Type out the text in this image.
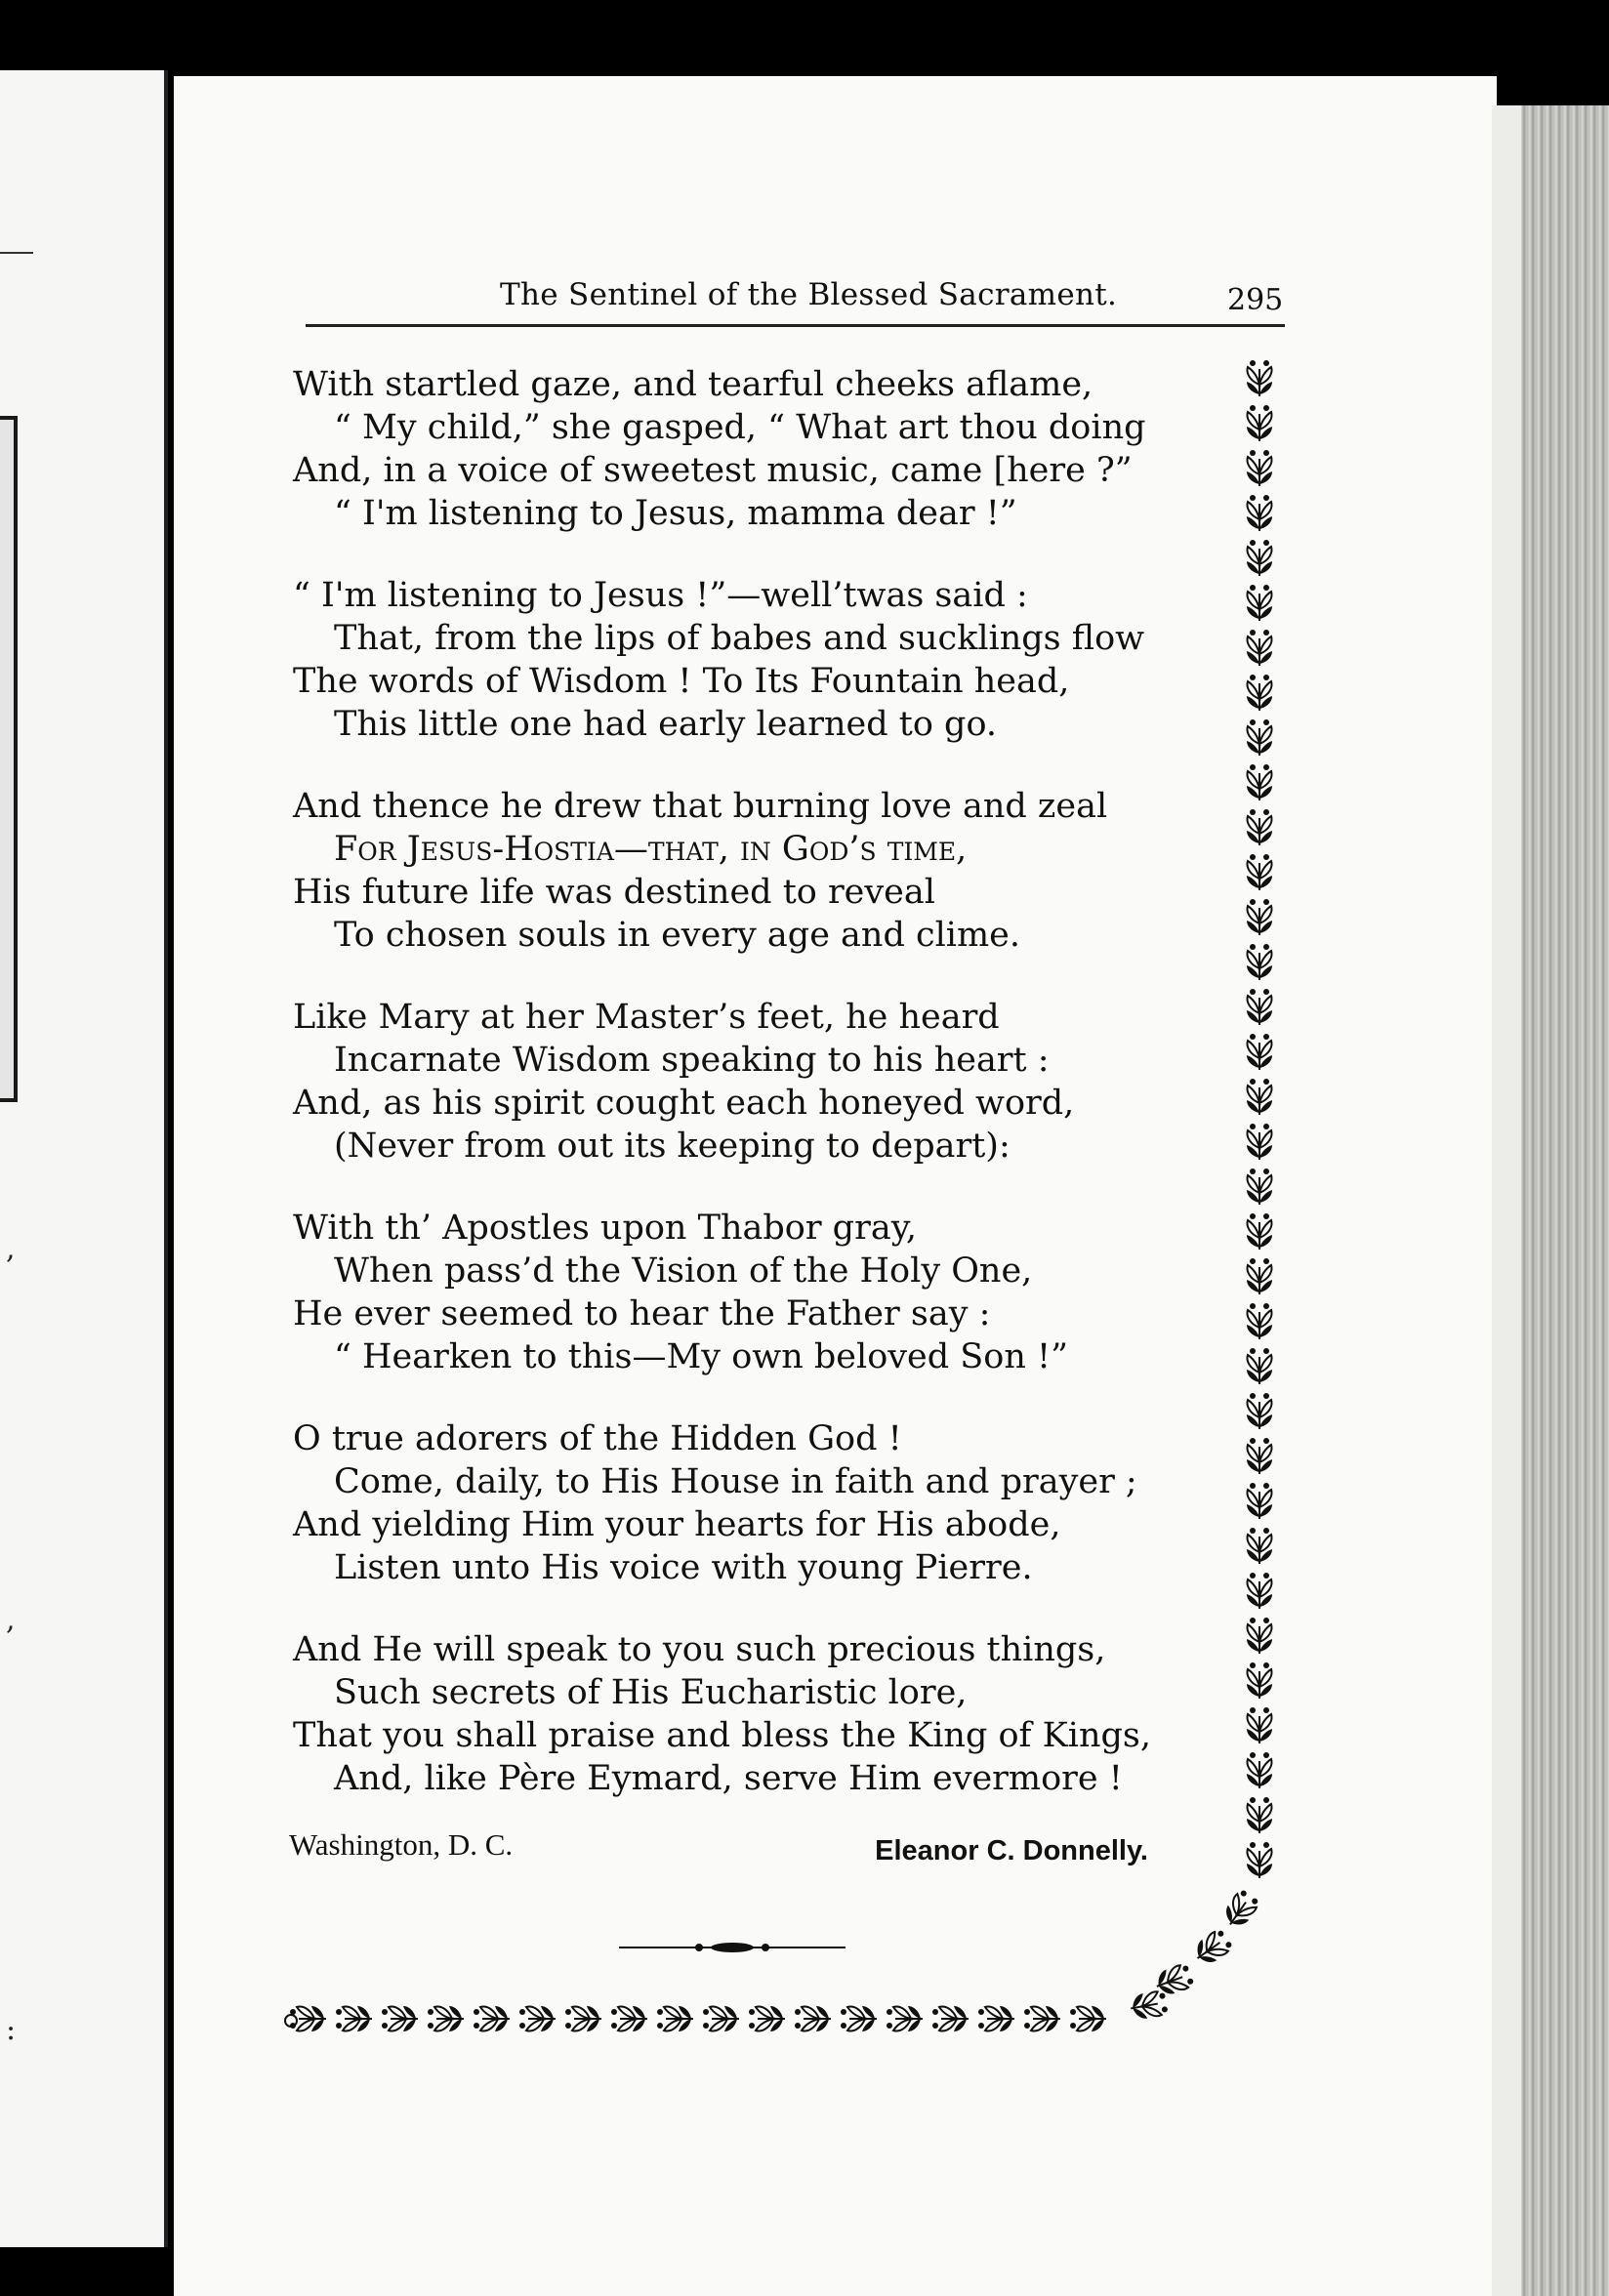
,
,
:
The Sentinel of the Blessed Sacrament.	295
With startled gaze, and tearful cheeks aflame,
“ My child,” she gasped, “ What art thou doing
And, in a voice of sweetest music, came [here ?”
“ I'm listening to Jesus, mamma dear !”
“ I'm listening to Jesus !”—well’twas said :
That, from the lips of babes and sucklings flow
The words of Wisdom ! To Its Fountain head,
This little one had early learned to go.
And thence he drew that burning love and zeal
For Jesus-Hostia—that, in God’s time,
His future life was destined to reveal
To chosen souls in every age and clime.
Like Mary at her Master’s feet, he heard
Incarnate Wisdom speaking to his heart :
And, as his spirit cought each honeyed word,
(Never from out its keeping to depart):
With th’ Apostles upon Thabor gray,
When pass’d the Vision of the Holy One,
He ever seemed to hear the Father say :
“ Hearken to this—My own beloved Son !”
O true adorers of the Hidden God !
Come, daily, to His House in faith and prayer ;
And yielding Him your hearts for His abode,
Listen unto His voice with young Pierre.
And He will speak to you such precious things,
Such secrets of His Eucharistic lore,
That you shall praise and bless the King of Kings,
And, like Père Eymard, serve Him evermore !
Washington, D. C.	Eleanor C. Donnelly.
